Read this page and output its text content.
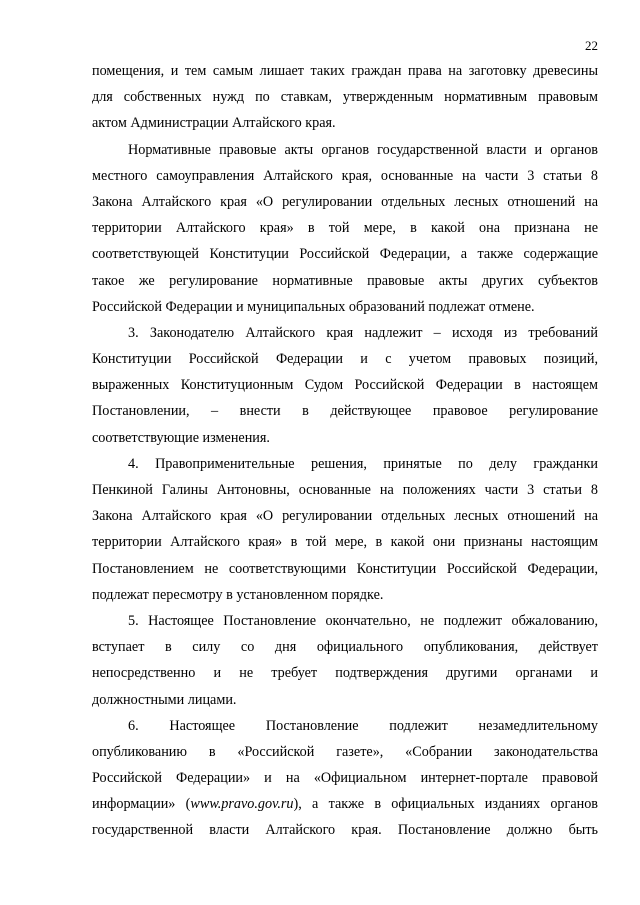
22
помещения, и тем самым лишает таких граждан права на заготовку древесины
для собственных нужд по ставкам, утвержденным нормативным правовым
актом Администрации Алтайского края.
Нормативные правовые акты органов государственной власти и органов
местного самоуправления Алтайского края, основанные на части 3 статьи 8
Закона Алтайского края «О регулировании отдельных лесных отношений на
территории Алтайского края» в той мере, в какой она признана не
соответствующей Конституции Российской Федерации, а также содержащие
такое же регулирование нормативные правовые акты других субъектов
Российской Федерации и муниципальных образований подлежат отмене.
3. Законодателю Алтайского края надлежит – исходя из требований
Конституции Российской Федерации и с учетом правовых позиций,
выраженных Конституционным Судом Российской Федерации в настоящем
Постановлении, – внести в действующее правовое регулирование
соответствующие изменения.
4. Правоприменительные решения, принятые по делу гражданки
Пенкиной Галины Антоновны, основанные на положениях части 3 статьи 8
Закона Алтайского края «О регулировании отдельных лесных отношений на
территории Алтайского края» в той мере, в какой они признаны настоящим
Постановлением не соответствующими Конституции Российской Федерации,
подлежат пересмотру в установленном порядке.
5. Настоящее Постановление окончательно, не подлежит обжалованию,
вступает в силу со дня официального опубликования, действует
непосредственно и не требует подтверждения другими органами и
должностными лицами.
6. Настоящее Постановление подлежит незамедлительному
опубликованию в «Российской газете», «Собрании законодательства
Российской Федерации» и на «Официальном интернет-портале правовой
информации» (www.pravo.gov.ru), а также в официальных изданиях органов
государственной власти Алтайского края. Постановление должно быть
